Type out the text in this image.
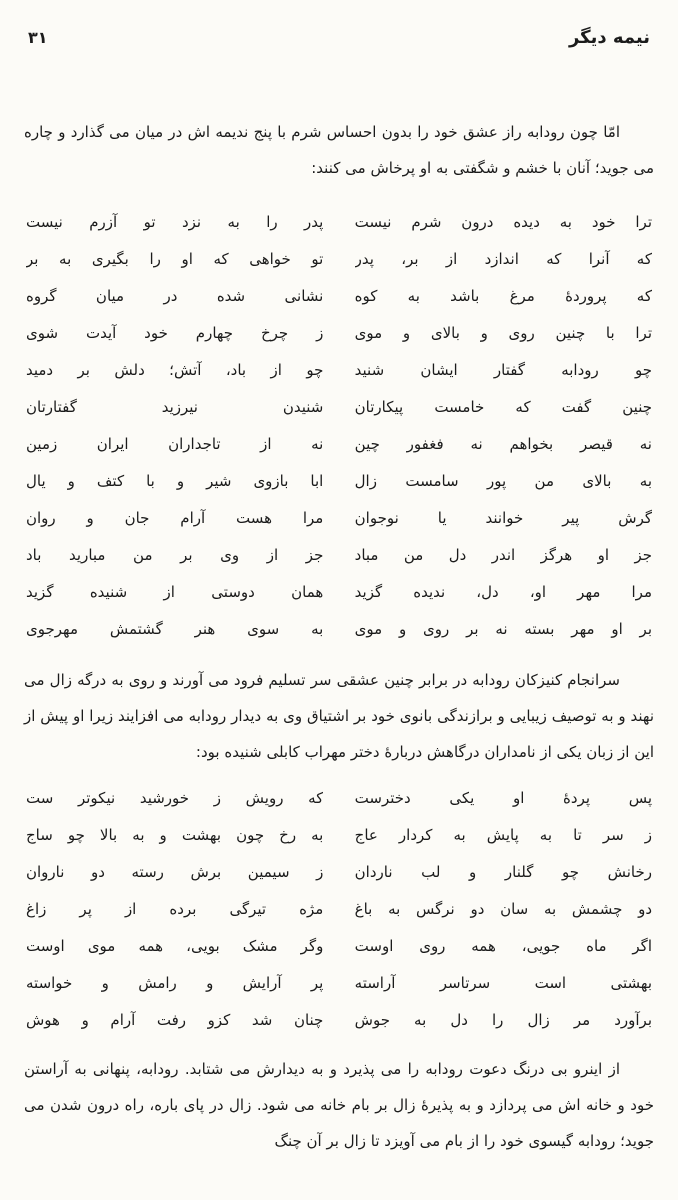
نیمه دیگر
۳۱

امّا چون رودابه راز عشق خود را بدون احساس شرم با پنج ندیمه اش در میان می گذارد و چاره می جوید؛ آنان با خشم و شگفتی به او پرخاش می کنند:

ترا خود به دیده درون شرم نیست
پدر را به نزد تو آزرم نیست
که آنرا که اندازد از بر، پدر
تو خواهی که او را بگیری به بر
که پروردهٔ مرغ باشد به کوه
نشانی شده در میان گروه
ترا با چنین روی و بالای و موی
ز چرخ چهارم خود آیدت شوی
چو رودابه گفتار ایشان شنید
چو از باد، آتش؛ دلش بر دمید
چنین گفت که خامست پیکارتان
شنیدن نیرزید گفتارتان
نه قیصر بخواهم نه فغفور چین
نه از تاجداران ایران زمین
به بالای من پور سامست زال
ابا بازوی شیر و با کتف و یال
گرش پیر خوانند یا نوجوان
مرا هست آرام جان و روان
جز او هرگز اندر دل من مباد
جز از وی بر من مبارید باد
مرا مهر او، دل، ندیده گزید
همان دوستی از شنیده گزید
بر او مهر بسته نه بر روی و موی
به سوی هنر گشتمش مهرجوی

سرانجام کنیزکان رودابه در برابر چنین عشقی سر تسلیم فرود می آورند و روی به درگه زال می نهند و به توصیف زیبایی و برازندگی بانوی خود بر اشتیاق وی به دیدار رودابه می افزایند زیرا او پیش از این از زبان یکی از نامداران درگاهش دربارهٔ دختر مهراب کابلی شنیده بود:

پس پردهٔ او یکی دخترست
که رویش ز خورشید نیکوتر ست
ز سر تا به پایش به کردار عاج
به رخ چون بهشت و به بالا چو ساج
رخانش چو گلنار و لب ناردان
ز سیمین برش رسته دو ناروان
دو چشمش به سان دو نرگس به باغ
مژه تیرگی برده از پر زاغ
اگر ماه جویی، همه روی اوست
وگر مشک بویی، همه موی اوست
بهشتی است سرتاسر آراسته
پر آرایش و رامش و خواسته
برآورد مر زال را دل به جوش
چنان شد کزو رفت آرام و هوش

از اینرو بی درنگ دعوت رودابه را می پذیرد و به دیدارش می شتابد. رودابه، پنهانی به آراستن خود و خانه اش می پردازد و به پذیرهٔ زال بر بام خانه می شود. زال در پای باره، راه درون شدن می جوید؛ رودابه گیسوی خود را از بام می آویزد تا زال بر آن چنگ
